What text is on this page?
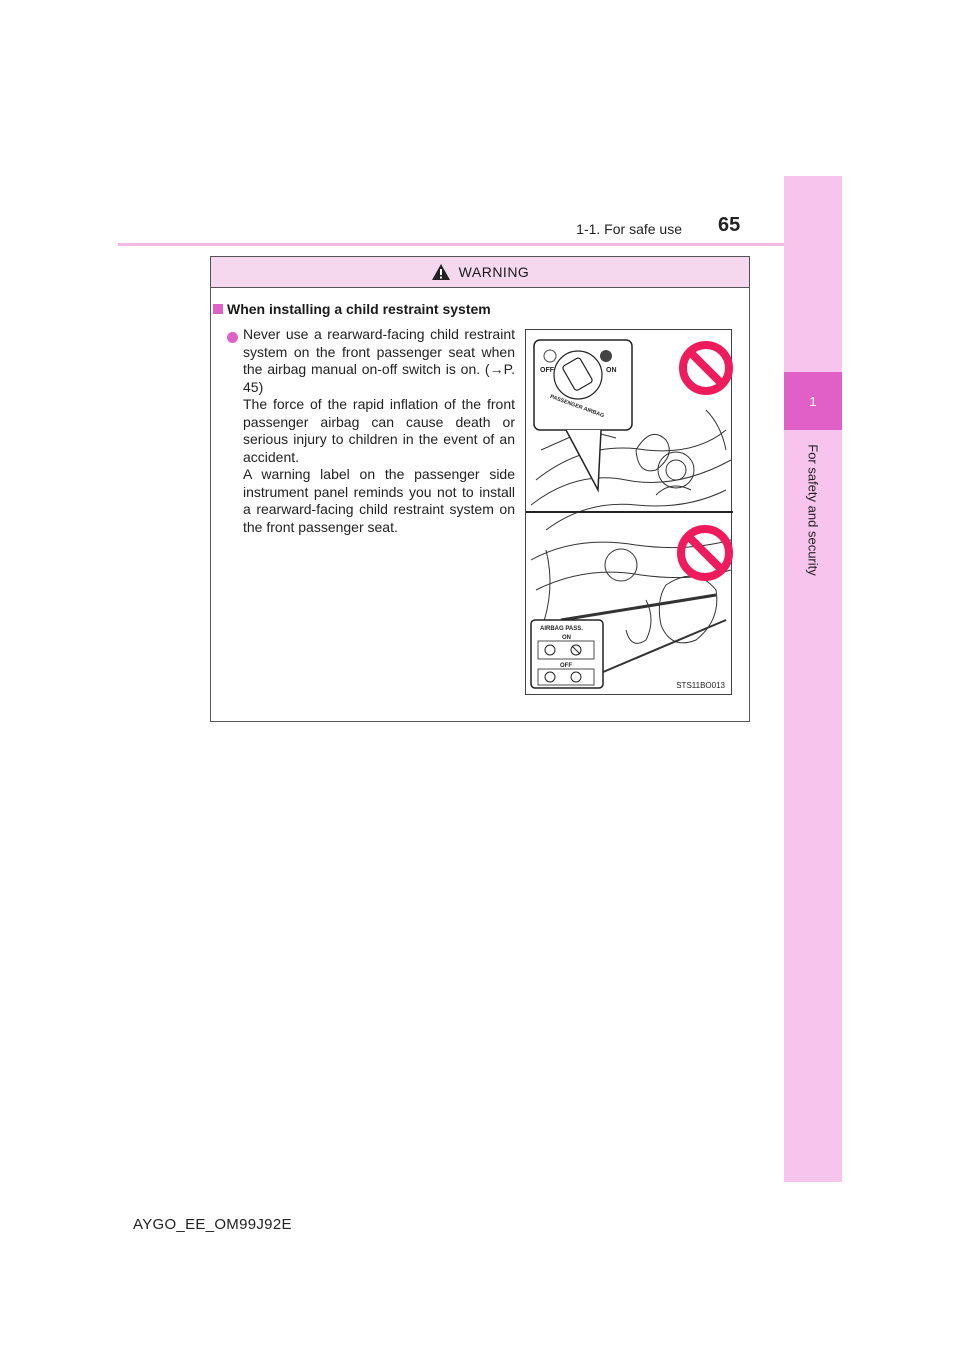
1
For safety and security
1-1. For safe use 65
WARNING
When installing a child restraint system

Never use a rearward-facing child restraint system on the front passenger seat when the airbag manual on-off switch is on. (→P. 45)

The force of the rapid inflation of the front passenger airbag can cause death or serious injury to children in the event of an accident.

A warning label on the passenger side instrument panel reminds you not to install a rearward-facing child restraint system on the front passenger seat.

OFF	ON
PASSENGER AIRBAG
AIRBAG PASS.
ON
OFF
STS11BO013
AYGO_EE_OM99J92E
